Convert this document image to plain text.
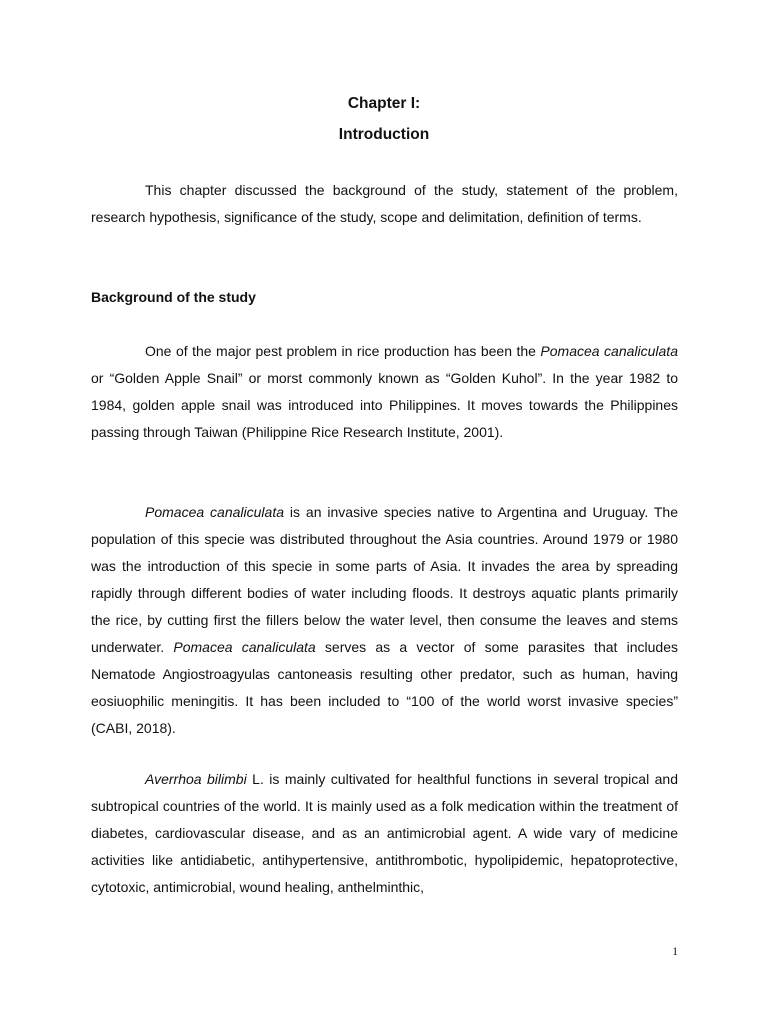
Chapter I:
Introduction

This chapter discussed the background of the study, statement of the problem, research hypothesis, significance of the study, scope and delimitation, definition of terms.

Background of the study

One of the major pest problem in rice production has been the Pomacea canaliculata or “Golden Apple Snail” or morst commonly known as “Golden Kuhol”. In the year 1982 to 1984, golden apple snail was introduced into Philippines. It moves towards the Philippines passing through Taiwan (Philippine Rice Research Institute, 2001).

Pomacea canaliculata is an invasive species native to Argentina and Uruguay. The population of this specie was distributed throughout the Asia countries. Around 1979 or 1980 was the introduction of this specie in some parts of Asia. It invades the area by spreading rapidly through different bodies of water including floods. It destroys aquatic plants primarily the rice, by cutting first the fillers below the water level, then consume the leaves and stems underwater. Pomacea canaliculata serves as a vector of some parasites that includes Nematode Angiostroagyulas cantoneasis resulting other predator, such as human, having eosiuophilic meningitis. It has been included to “100 of the world worst invasive species” (CABI, 2018).

Averrhoa bilimbi L. is mainly cultivated for healthful functions in several tropical and subtropical countries of the world. It is mainly used as a folk medication within the treatment of diabetes, cardiovascular disease, and as an antimicrobial agent. A wide vary of medicine activities like antidiabetic, antihypertensive, antithrombotic, hypolipidemic, hepatoprotective, cytotoxic, antimicrobial, wound healing, anthelminthic,

1
